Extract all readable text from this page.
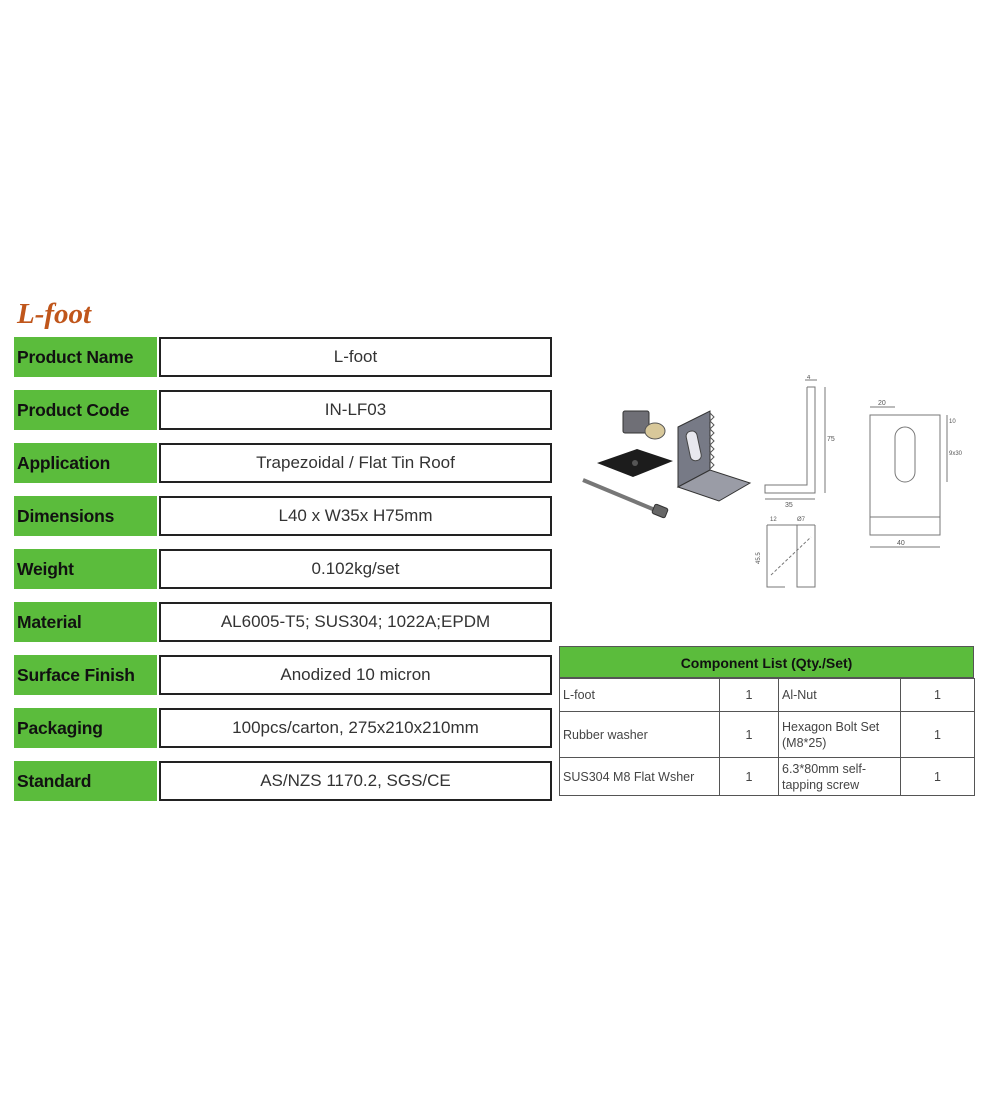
L-foot
Product Name	L-foot
Product Code	IN-LF03
Application	Trapezoidal / Flat Tin Roof
Dimensions	L40 x W35x H75mm
Weight	0.102kg/set
Material	AL6005-T5; SUS304; 1022A;EPDM
Surface Finish	Anodized 10 micron
Packaging	100pcs/carton, 275x210x210mm
Standard	AS/NZS 1170.2, SGS/CE
4
75
35
20
10
9x30
40
12	Ø7
45.5
Component List (Qty./Set)
L-foot	1	Al-Nut	1
Rubber washer	1	Hexagon Bolt Set (M8*25)	1
SUS304 M8 Flat Wsher	1	6.3*80mm self-tapping screw	1
